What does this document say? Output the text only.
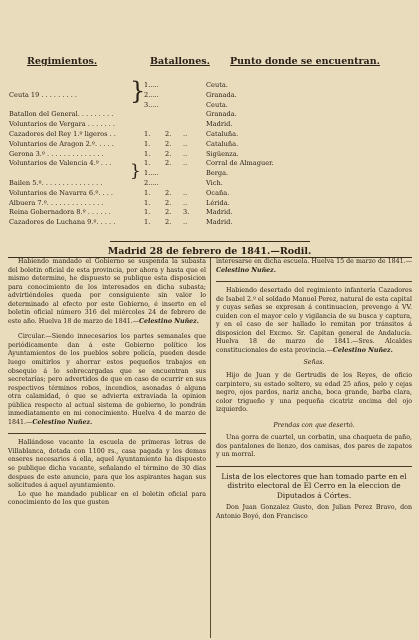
Regimientos.	Batallones. Punto donde se encuentran.
1.....	Ceuta.
Ceuta 19 . . . . . . . . .	2.....	Granada.
3.....	Ceuta.
Batallon del General. . . . . . . . .	Granada.
Voluntarios de Vergara . . . . . . .	Madrid.
Cazadores del Rey 1.º ligeros . .	1. 2. ..	Cataluña.
Voluntarios de Aragon 2.º. . . . .	1. 2. ..	Cataluña.
Gerona 3.º . . . . . . . . . . . . . .	1. 2. ..	Sigüenza.
Voluntarios de Valencia 4.º . . .	1. 2. ..	Corral de Almaguer.
1.....	Berga.
Bailen 5.º. . . . . . . . . . . . . . .	2.....	Vich.
Voluntarios de Navarra 6.º. . . .	1. 2. ..	Ocaña.
Albuera 7.º. . . . . . . . . . . . . .	1. 2. ..	Lérida.
Reina Gobernadora 8.º . . . . . .	1. 2. 3.	Madrid.
Cazadores de Luchana 9.º. . . . .	1. 2. ..	Madrid.
}
}
Madrid 28 de febrero de 1841.—Rodil.

Habiendo mandado el Gobierno se suspenda la subasta del boletin oficial de esta provincia, por ahora y hasta que el mismo determine, he dispuesto se publique esta disposicion para conocimiento de los interesados en dicha subasta; advirtiéndoles queda por consiguiente sin valor lo determinado al efecto por este Gobierno, é inserto en el boletin oficial número 316 del miércoles 24 de febrero de este año. Huelva 18 de marzo de 1841.—Celestino Nuñez.

Circular.—Siendo innecesarios los partes semanales que periódicamente dan á este Gobierno político los Ayuntamientos de los pueblos sobre policía, pueden desde luego omitirlos y ahorrar estos pequeños trabajos en obsequio á lo sobrecargadas que se encuentran sus secretarías; pero advertidos de que en caso de ocurrir en sus respectivos términos robos, incendios, asonadas ó alguna otra calamidad, ó que se advierta extraviada la opinion pública respecto al actual sistema de gobierno, lo pondrán inmediatamente en mi conocimiento. Huelva 4 de marzo de 1841.—Celestino Nuñez.

Hallándose vacante la escuela de primeras letras de Villablanca, dotada con 1100 rs., casa pagada y los demas enseres necesarios á ella, aquel Ayuntamiento ha dispuesto se publique dicha vacante, señalando el término de 30 dias despues de este anuncio, para que los aspirantes hagan sus solicitudes á aquel ayuntamiento.

Lo que he mandado publicar en el boletin oficial para conocimiento de los que gusten

interesarse en dicha escuela. Huelva 15 de marzo de 1841.—Celestino Nuñez.

Habiendo desertado del regimiento infantería Cazadores de Isabel 2.º el soldado Manuel Perez, natural de esta capital y cuyas señas se expresan á continuacion, prevengo á VV. cuiden con el mayor celo y vigilancia de su busca y captura, y en el caso de ser hallado lo remitan por tránsitos á disposicion del Excmo. Sr. Capitan general de Andalucía. Huelva 18 de marzo de 1841.—Sres. Alcaldes constitucionales de esta provincia.—Celestino Nuñez.

Señas.

Hijo de Juan y de Gertrudis de los Reyes, de oficio carpintero, su estado soltero, su edad 25 años, pelo y cejas negro, ojos pardos, nariz ancha, boca grande, barba clara, color trigueño y una pequeña cicatriz encima del ojo izquierdo.

Prendas con que desertó.

Una gorra de cuartel, un corbatin, una chaqueta de paño, dos pantalones de lienzo, dos camisas, dos pares de zapatos y un morral.

Lista de los electores que han tomado parte en el distrito electoral de El Cerro en la eleccion de Diputados á Córtes.

Don Juan Gonzalez Gusto, don Julian Perez Bravo, don Antonio Boyó, don Francisco
